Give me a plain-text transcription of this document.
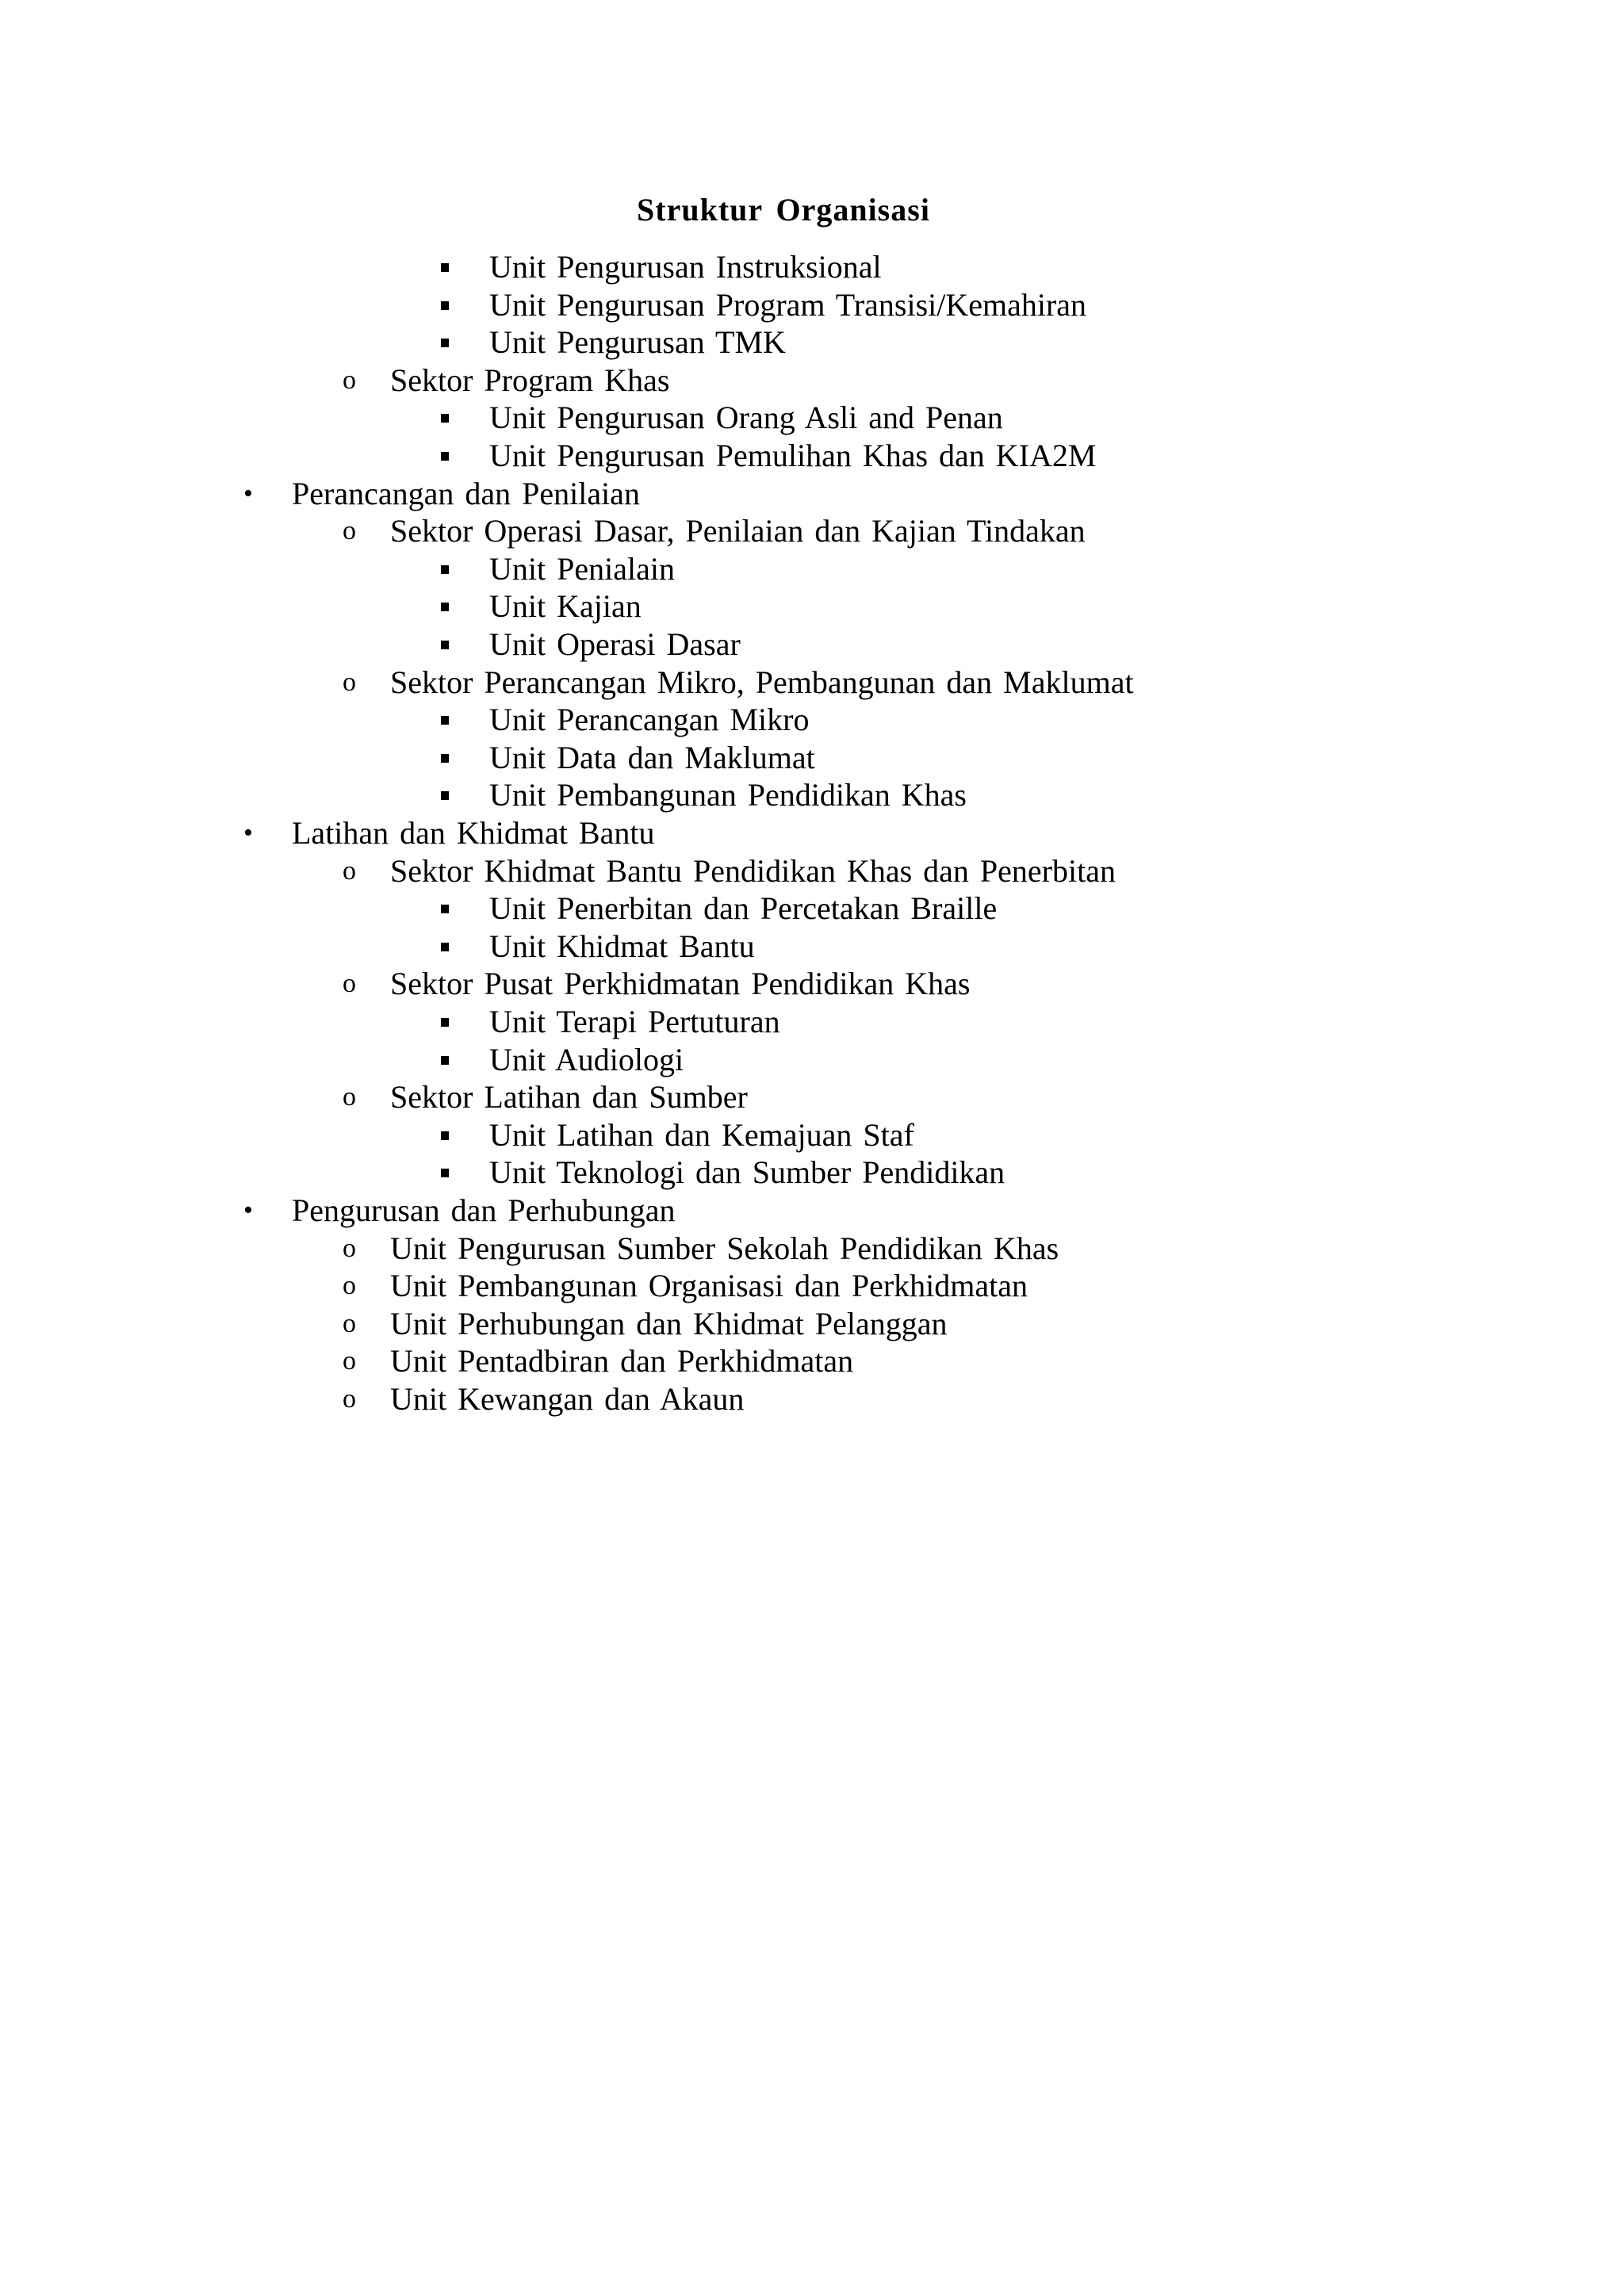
Struktur Organisasi
Unit Pengurusan Instruksional
Unit Pengurusan Program Transisi/Kemahiran
Unit Pengurusan TMK
o Sektor Program Khas
Unit Pengurusan Orang Asli and Penan
Unit Pengurusan Pemulihan Khas dan KIA2M
• Perancangan dan Penilaian
o Sektor Operasi Dasar, Penilaian dan Kajian Tindakan
Unit Penialain
Unit Kajian
Unit Operasi Dasar
o Sektor Perancangan Mikro, Pembangunan dan Maklumat
Unit Perancangan Mikro
Unit Data dan Maklumat
Unit Pembangunan Pendidikan Khas
• Latihan dan Khidmat Bantu
o Sektor Khidmat Bantu Pendidikan Khas dan Penerbitan
Unit Penerbitan dan Percetakan Braille
Unit Khidmat Bantu
o Sektor Pusat Perkhidmatan Pendidikan Khas
Unit Terapi Pertuturan
Unit Audiologi
o Sektor Latihan dan Sumber
Unit Latihan dan Kemajuan Staf
Unit Teknologi dan Sumber Pendidikan
• Pengurusan dan Perhubungan
o Unit Pengurusan Sumber Sekolah Pendidikan Khas
o Unit Pembangunan Organisasi dan Perkhidmatan
o Unit Perhubungan dan Khidmat Pelanggan
o Unit Pentadbiran dan Perkhidmatan
o Unit Kewangan dan Akaun
